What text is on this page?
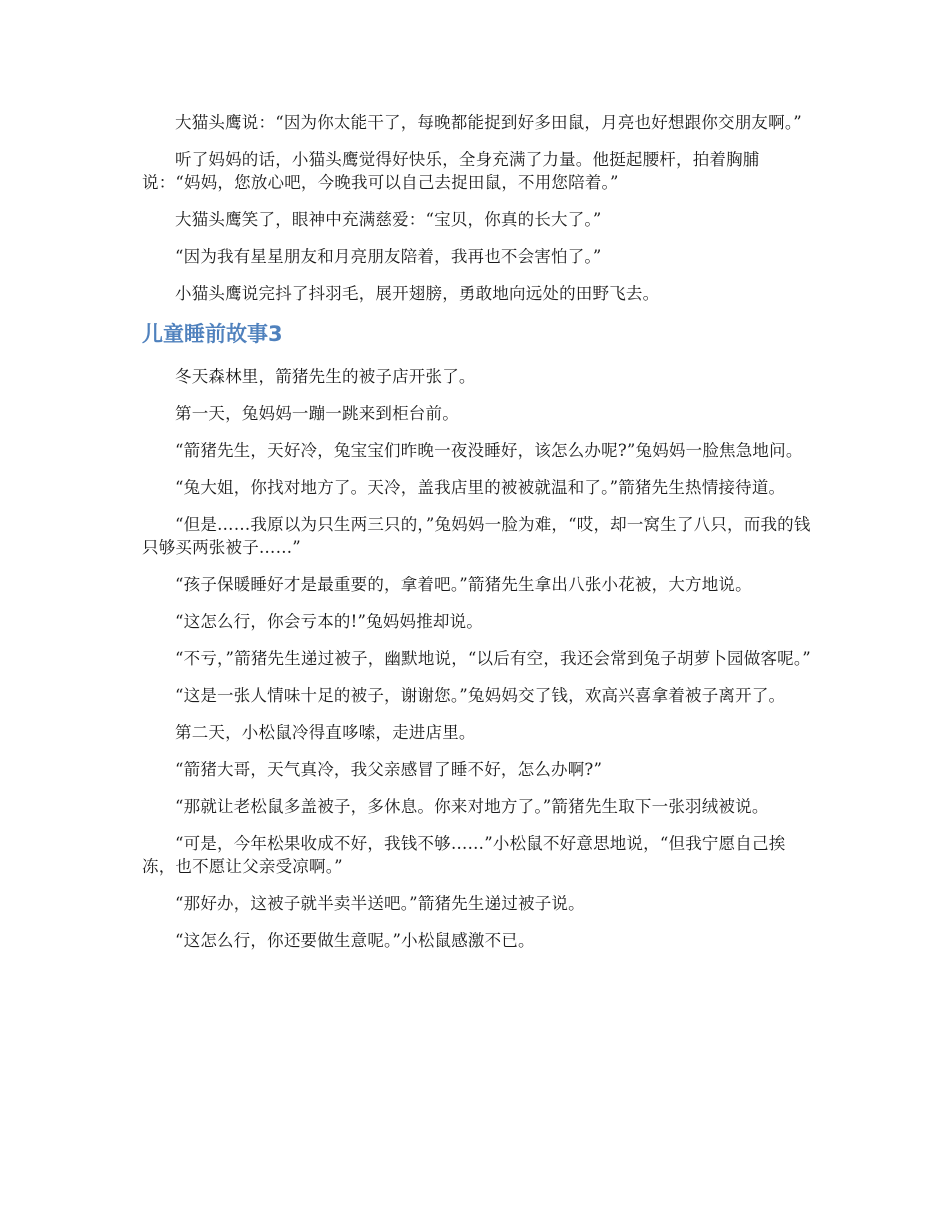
大猫头鹰说：“因为你太能干了，每晚都能捉到好多田鼠，月亮也好想跟你交朋友啊。”

听了妈妈的话，小猫头鹰觉得好快乐，全身充满了力量。他挺起腰杆，拍着胸脯说：“妈妈，您放心吧，今晚我可以自己去捉田鼠，不用您陪着。”

大猫头鹰笑了，眼神中充满慈爱：“宝贝，你真的长大了。”

“因为我有星星朋友和月亮朋友陪着，我再也不会害怕了。”

小猫头鹰说完抖了抖羽毛，展开翅膀，勇敢地向远处的田野飞去。

儿童睡前故事3

冬天森林里，箭猪先生的被子店开张了。

第一天，兔妈妈一蹦一跳来到柜台前。

“箭猪先生，天好冷，兔宝宝们昨晚一夜没睡好，该怎么办呢?”兔妈妈一脸焦急地问。

“兔大姐，你找对地方了。天冷，盖我店里的被被就温和了。”箭猪先生热情接待道。

“但是……我原以为只生两三只的，”兔妈妈一脸为难，“哎，却一窝生了八只，而我的钱只够买两张被子……”

“孩子保暖睡好才是最重要的，拿着吧。”箭猪先生拿出八张小花被，大方地说。

“这怎么行，你会亏本的!”兔妈妈推却说。

“不亏，”箭猪先生递过被子，幽默地说，“以后有空，我还会常到兔子胡萝卜园做客呢。”

“这是一张人情味十足的被子，谢谢您。”兔妈妈交了钱，欢高兴喜拿着被子离开了。

第二天，小松鼠冷得直哆嗦，走进店里。

“箭猪大哥，天气真冷，我父亲感冒了睡不好，怎么办啊?”

“那就让老松鼠多盖被子，多休息。你来对地方了。”箭猪先生取下一张羽绒被说。

“可是，今年松果收成不好，我钱不够……”小松鼠不好意思地说，“但我宁愿自己挨冻，也不愿让父亲受凉啊。”

“那好办，这被子就半卖半送吧。”箭猪先生递过被子说。

“这怎么行，你还要做生意呢。”小松鼠感激不已。
